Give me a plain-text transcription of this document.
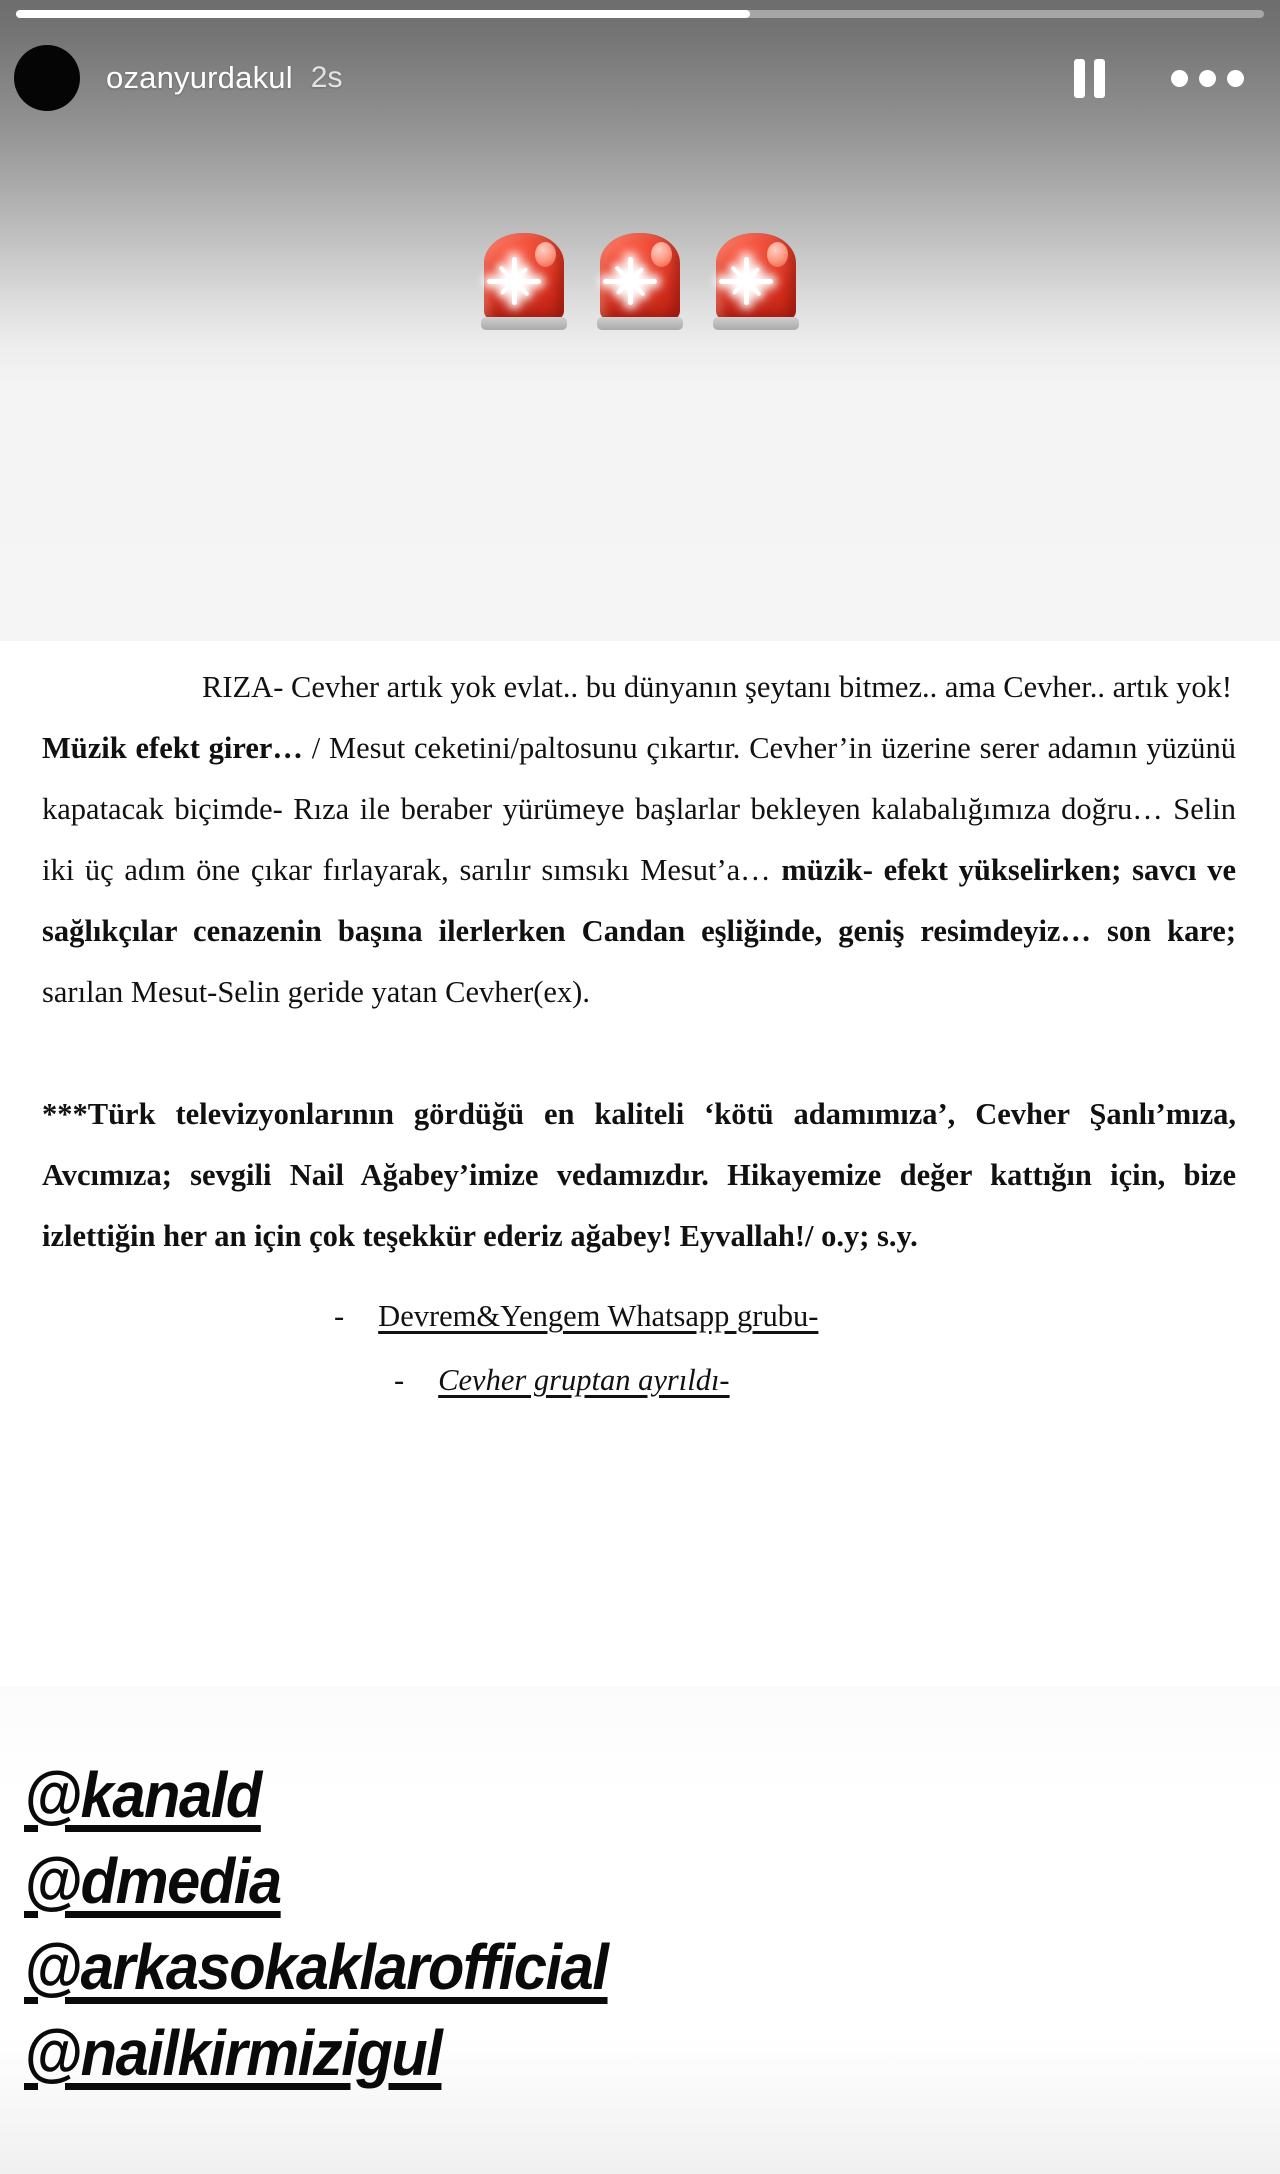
ozanyurdakul 2s
RIZA- Cevher artık yok evlat.. bu dünyanın şeytanı bitmez.. ama Cevher.. artık yok!
Müzik efekt girer… / Mesut ceketini/paltosunu çıkartır. Cevher’in üzerine serer adamın yüzünü kapatacak biçimde- Rıza ile beraber yürümeye başlarlar bekleyen kalabalığımıza doğru… Selin iki üç adım öne çıkar fırlayarak, sarılır sımsıkı Mesut’a… müzik- efekt yükselirken; savcı ve sağlıkçılar cenazenin başına ilerlerken Candan eşliğinde, geniş resimdeyiz… son kare; sarılan Mesut-Selin geride yatan Cevher(ex).
***Türk televizyonlarının gördüğü en kaliteli ‘kötü adamımıza’, Cevher Şanlı’mıza, Avcımıza; sevgili Nail Ağabey’imize vedamızdır. Hikayemize değer kattığın için, bize izlettiğin her an için çok teşekkür ederiz ağabey! Eyvallah!/ o.y; s.y.
- Devrem&Yengem Whatsapp grubu-
- Cevher gruptan ayrıldı-
@kanald
@dmedia
@arkasokaklarofficial
@nailkirmizigul
